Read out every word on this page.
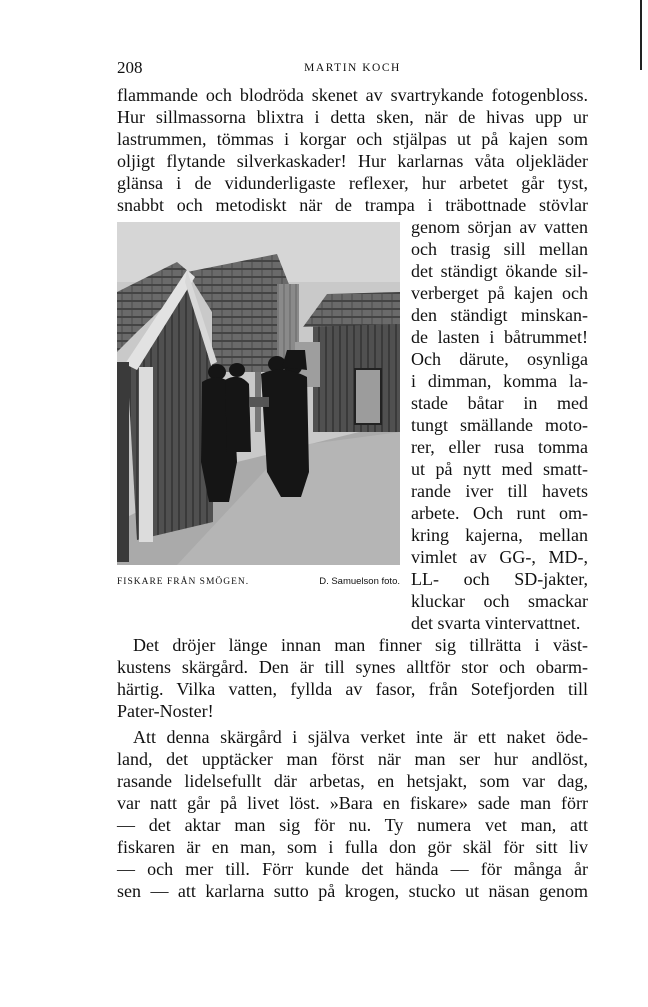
208	MARTIN KOCH
flammande och blodröda skenet av svartrykande fotogenbloss.
Hur sillmassorna blixtra i detta sken, när de hivas upp ur
lastrummen, tömmas i korgar och stjälpas ut på kajen som
oljigt flytande silverkaskader! Hur karlarnas våta oljekläder
glänsa i de vidunderligaste reflexer, hur arbetet går tyst,
snabbt och metodiskt när de trampa i träbottnade stövlar
FISKARE FRÅN SMÖGEN.	D. Samuelson foto.
genom sörjan av vatten
och trasig sill mellan
det ständigt ökande sil-
verberget på kajen och
den ständigt minskan-
de lasten i båtrummet!
Och därute, osynliga
i dimman, komma la-
stade båtar in med
tungt smällande moto-
rer, eller rusa tomma
ut på nytt med smatt-
rande iver till havets
arbete. Och runt om-
kring kajerna, mellan
vimlet av GG-, MD-,
LL- och SD-jakter,
kluckar och smackar
det svarta vintervattnet.
Det dröjer länge innan man finner sig tillrätta i väst-
kustens skärgård. Den är till synes alltför stor och obarm-
härtig. Vilka vatten, fyllda av fasor, från Sotefjorden till
Pater-Noster!
Att denna skärgård i själva verket inte är ett naket öde-
land, det upptäcker man först när man ser hur andlöst,
rasande lidelsefullt där arbetas, en hetsjakt, som var dag,
var natt går på livet löst. »Bara en fiskare» sade man förr
— det aktar man sig för nu. Ty numera vet man, att
fiskaren är en man, som i fulla don gör skäl för sitt liv
— och mer till. Förr kunde det hända — för många år
sen — att karlarna sutto på krogen, stucko ut näsan genom
